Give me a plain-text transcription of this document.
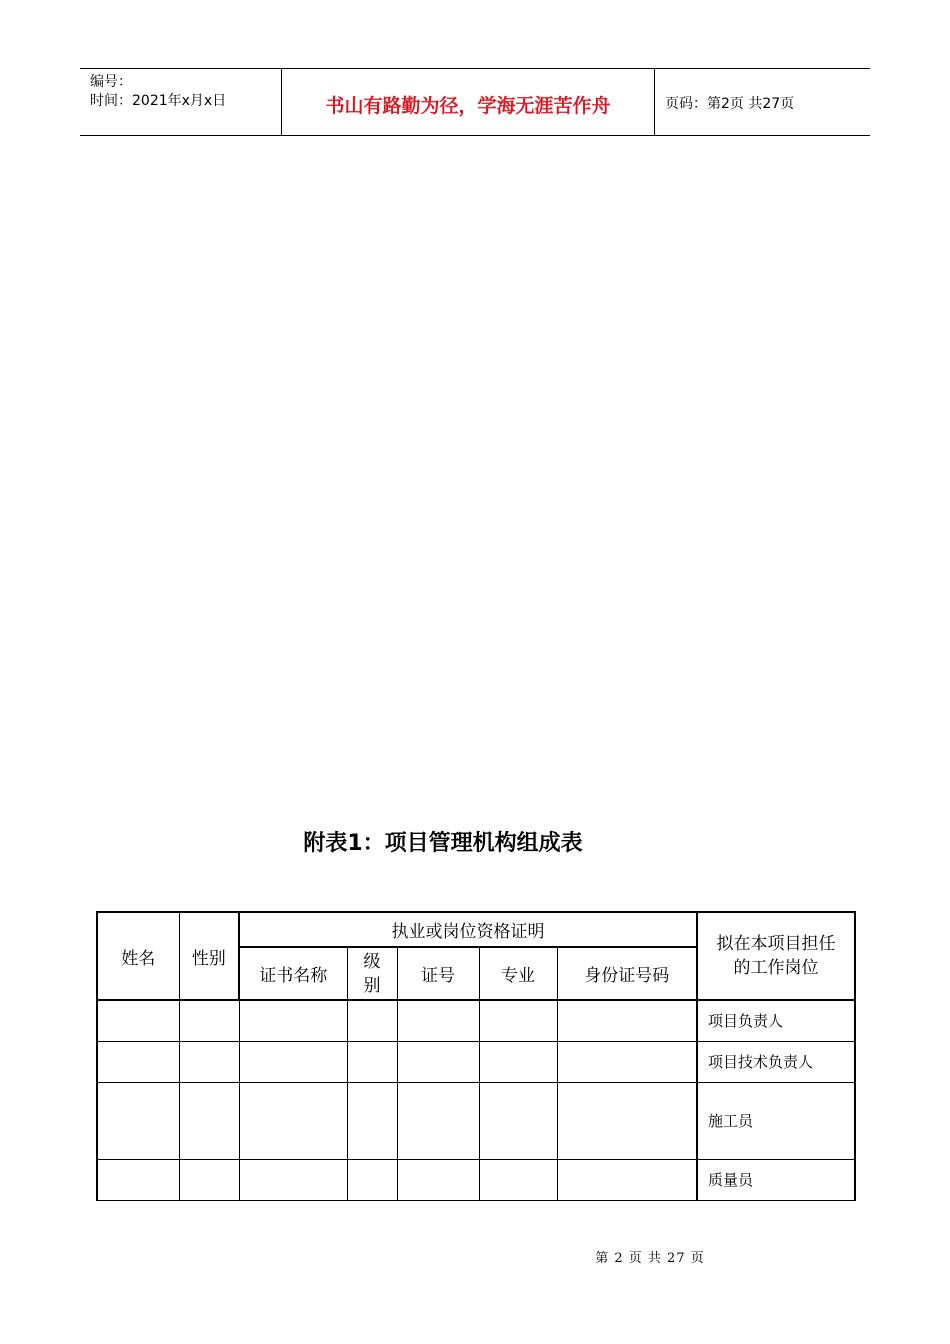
编号：
时间：2021年x月x日	书山有路勤为径，学海无涯苦作舟	页码：第2页 共27页
附表1：项目管理机构组成表
姓名	性别	执业或岗位资格证明					拟在本项目担任
的工作岗位

		证书名称	级
别	证号	专业	身份证号码	
							项目负责人
							项目技术负责人
							施工员
							质量员
第 2 页 共 27 页
